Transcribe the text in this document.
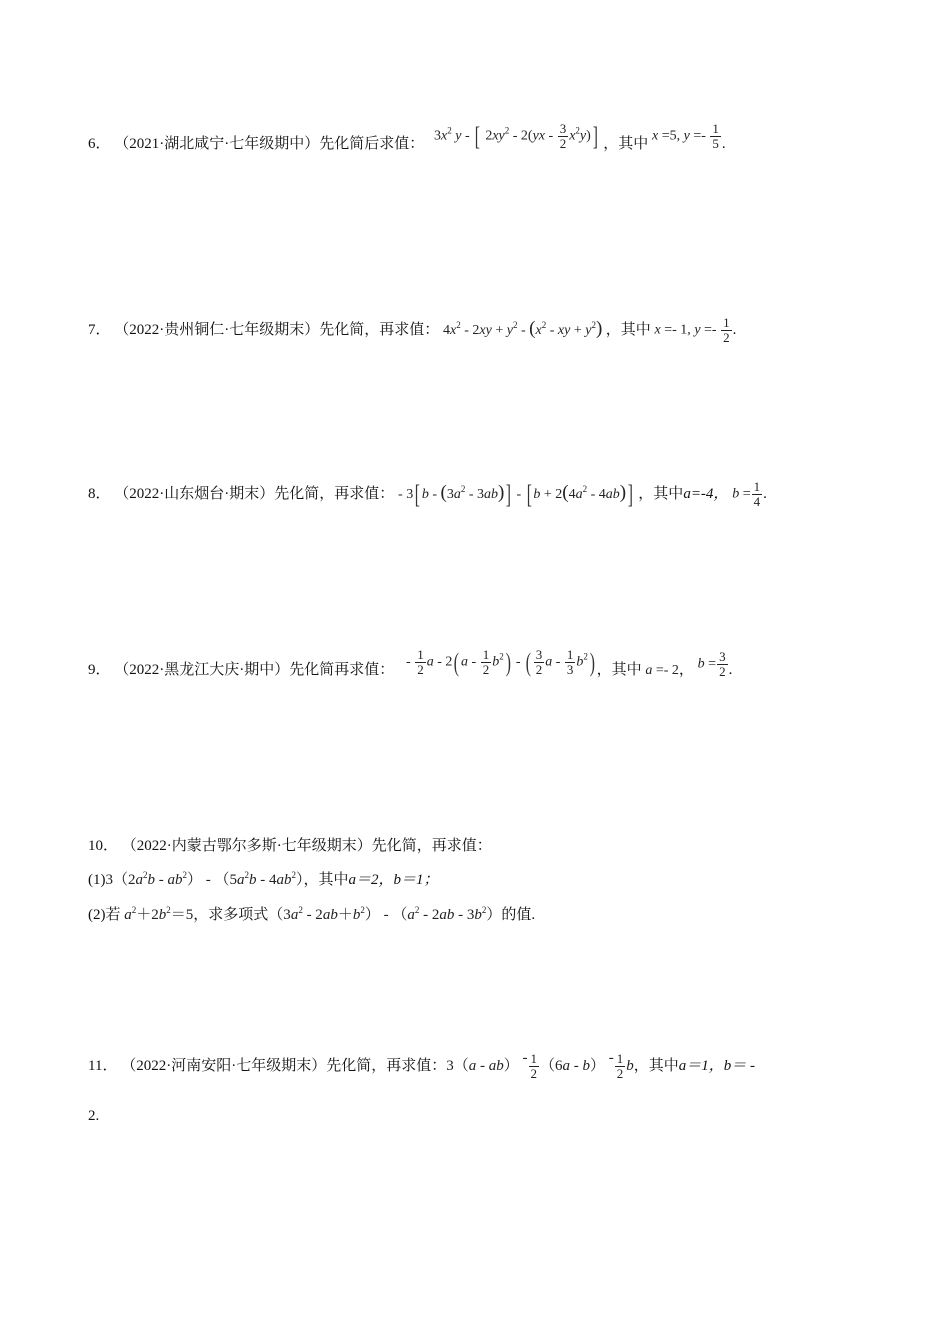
6． （2021·湖北咸宁·七年级期中）先化简后求值： $3x^2$ y - [ $2xy^2 - 2(yx - \frac{3}{2} x^2y)$] ，其中 x =5, $y =- \frac{1}{5}$ .
7． （2022·贵州铜仁·七年级期末）先化简，再求值： $4x^2 - 2xy + y^2 - (x^2$ - xy + $y^2$) ，其中 x =- 1, $y =- \frac{1}{2}$ .
8． （2022·山东烟台·期末）先化简，再求值： - 3[ b - $(3a^2 - 3ab)$] - [ $b + 2(4a^2 - 4ab)$] ，其中a=-4， $b = \frac{1}{4}$ .
9． （2022·黑龙江大庆·期中）先化简再求值： - $\frac{1}{2}$ a - 2( a - $\frac{1}{2} b^2$) - ( $\frac{3}{2}$ a - $\frac{1}{3} b^2$) ，其中 a =- 2， $b = \frac{3}{2}$ .
10． （2022·内蒙古鄂尔多斯·七年级期末）先化简，再求值：
$(1)3(2a^2b - ab^2) - (5a^2b - 4ab^2)$，其中a＝2，b＝1；
(2)若 $a^2+2b^2=5$，求多项式$(3a^2 - 2ab+b^2) - (a^2 - 2ab - 3b^2)$的值.
11． （2022·河南安阳·七年级期末）先化简，再求值：$3(a - ab) - \frac{1}{2} (6a - b) - \frac{1}{2}$ b，其中a＝1，b＝ -
2.
